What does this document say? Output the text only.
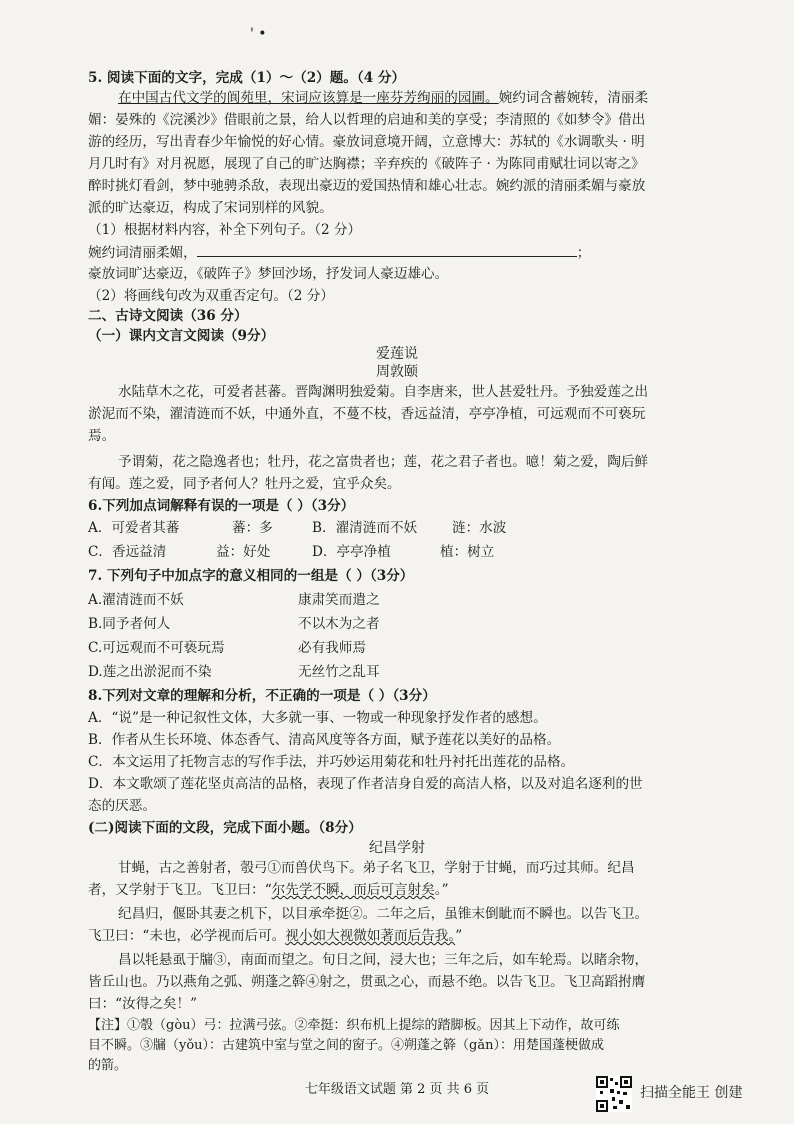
' •
5. 阅读下面的文字，完成（1）～（2）题。（4 分）
在中国古代文学的阆苑里，宋词应该算是一座芬芳绚丽的园圃。婉约词含蓄婉转，清丽柔
媚：晏殊的《浣溪沙》借眼前之景，给人以哲理的启迪和美的享受；李清照的《如梦令》借出
游的经历，写出青春少年愉悦的好心情。豪放词意境开阔，立意博大：苏轼的《水调歌头 · 明
月几时有》对月祝愿，展现了自己的旷达胸襟；辛弃疾的《破阵子 · 为陈同甫赋壮词以寄之》
醉时挑灯看剑，梦中驰骋杀敌，表现出豪迈的爱国热情和雄心壮志。婉约派的清丽柔媚与豪放
派的旷达豪迈，构成了宋词别样的风貌。
（1）根据材料内容，补全下列句子。（2 分）
婉约词清丽柔媚，	；
豪放词旷达豪迈，《破阵子》梦回沙场，抒发词人豪迈雄心。
（2）将画线句改为双重否定句。（2 分）
二、古诗文阅读（36 分）
（一）课内文言文阅读（9分）
爱莲说
周敦颐
水陆草木之花，可爱者甚蕃。晋陶渊明独爱菊。自李唐来，世人甚爱牡丹。予独爱莲之出
淤泥而不染，濯清涟而不妖，中通外直，不蔓不枝，香远益清，亭亭净植，可远观而不可亵玩
焉。
予谓菊，花之隐逸者也；牡丹，花之富贵者也；莲，花之君子者也。噫！菊之爱，陶后鲜
有闻。莲之爱，同予者何人？牡丹之爱，宜乎众矣。
6.下列加点词解释有误的一项是（ ）（3分）
A．可爱者其蕃	蕃：多	B．濯清涟而不妖	涟：水波
C．香远益清	益：好处	D．亭亭净植	植：树立
7. 下列句子中加点字的意义相同的一组是（ ）（3分）
A.濯清涟而不妖	康肃笑而遣之
B.同予者何人	不以木为之者
C.可远观而不可亵玩焉	必有我师焉
D.莲之出淤泥而不染	无丝竹之乱耳
8.下列对文章的理解和分析，不正确的一项是（ ）（3分）
A．“说”是一种记叙性文体，大多就一事、一物或一种现象抒发作者的感想。
B．作者从生长环境、体态香气、清高风度等各方面，赋予莲花以美好的品格。
C．本文运用了托物言志的写作手法，并巧妙运用菊花和牡丹衬托出莲花的品格。
D．本文歌颂了莲花坚贞高洁的品格，表现了作者洁身自爱的高洁人格，以及对追名逐利的世
态的厌恶。
(二)阅读下面的文段，完成下面小题。（8分）
纪昌学射
甘蝇，古之善射者，彀弓①而兽伏鸟下。弟子名飞卫，学射于甘蝇，而巧过其师。纪昌
者，又学射于飞卫。飞卫曰：“尔先学不瞬，而后可言射矣。”
纪昌归，偃卧其妻之机下，以目承牵挺②。二年之后，虽锥末倒眦而不瞬也。以告飞卫。
飞卫曰：“未也，必学视而后可。视小如大视微如著而后告我。”
昌以牦悬虱于牖③，南面而望之。旬日之间，浸大也；三年之后，如车轮焉。以睹余物，
皆丘山也。乃以燕角之弧、朔蓬之簳④射之，贯虱之心，而悬不绝。以告飞卫。飞卫高蹈拊膺
曰：“汝得之矣！”
【注】①彀（gòu）弓：拉满弓弦。②牵挺：织布机上提综的踏脚板。因其上下动作，故可练
目不瞬。③牖（yǒu）：古建筑中室与堂之间的窗子。④朔蓬之簳（gǎn）：用楚国蓬梗做成
的箭。
七年级语文试题 第 2 页 共 6 页	扫描全能王 创建
